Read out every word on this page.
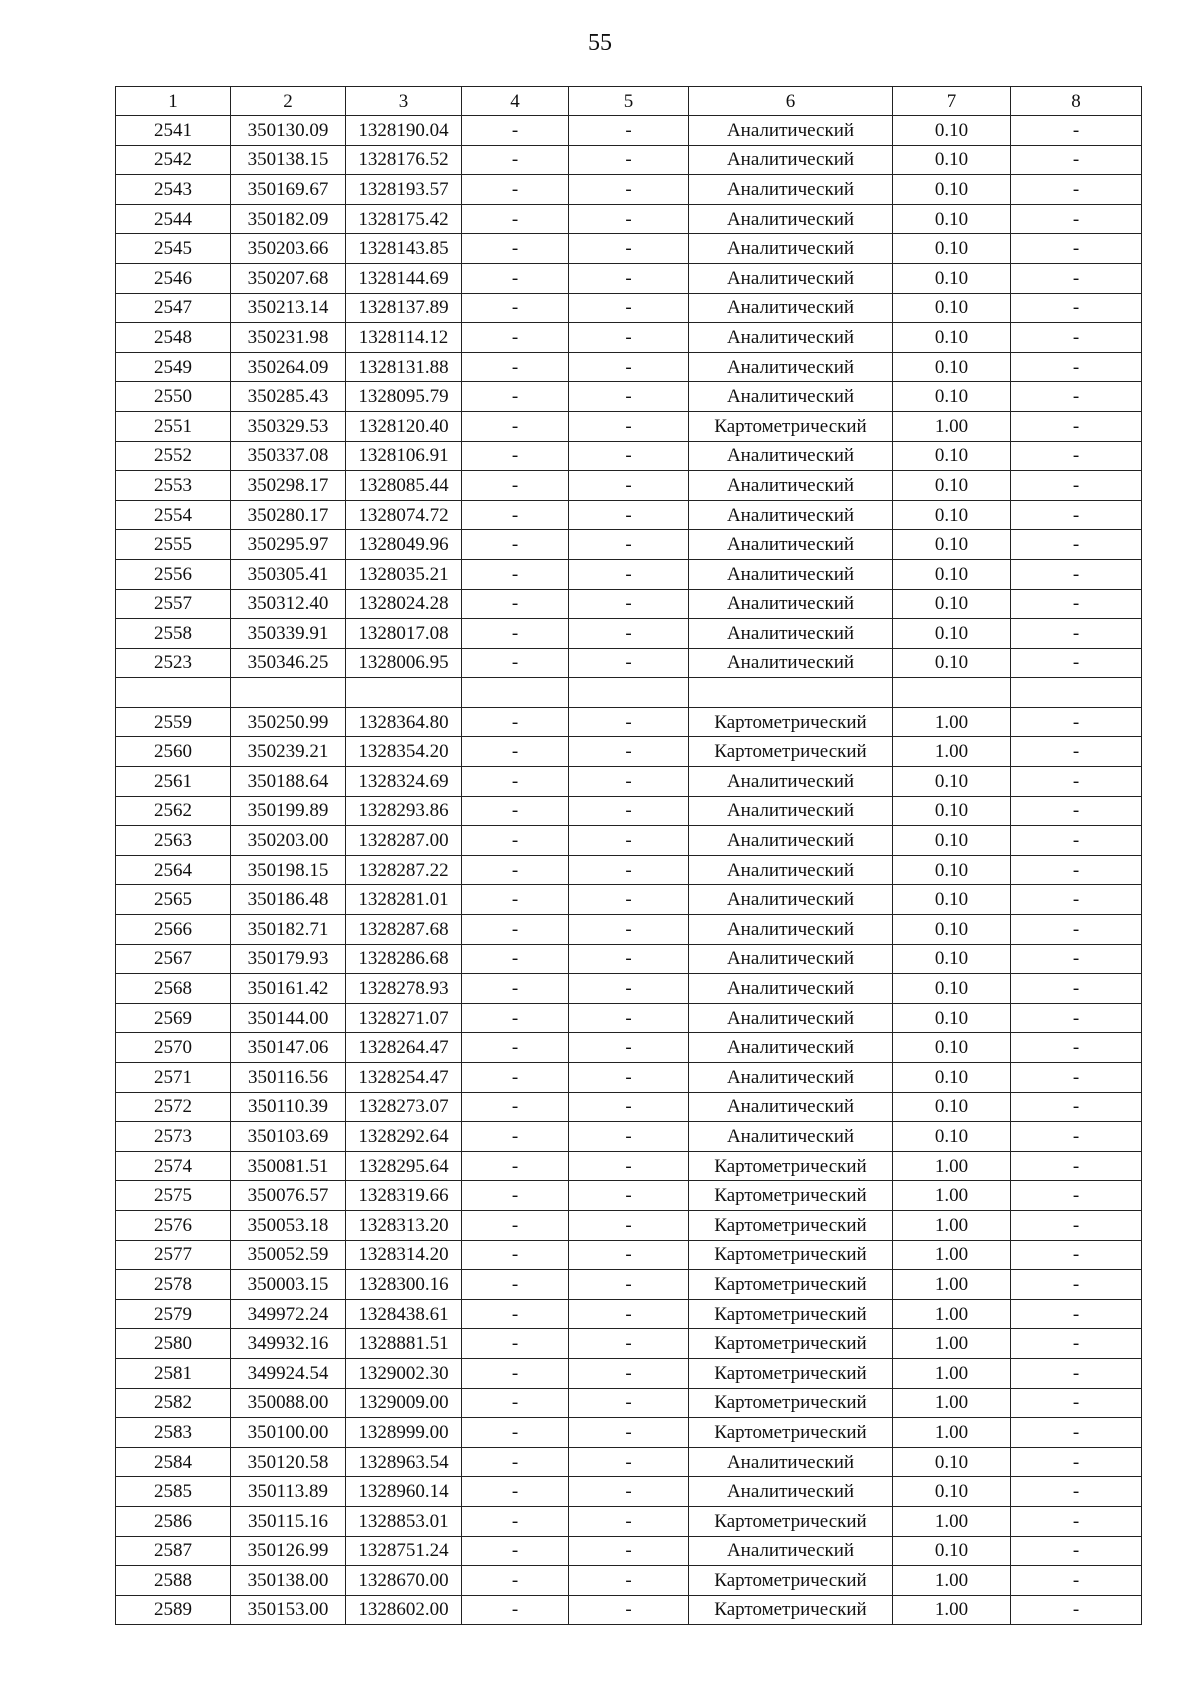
55
1	2	3	4	5	6	7	8
2541	350130.09	1328190.04	-	-	Аналитический	0.10	-
2542	350138.15	1328176.52	-	-	Аналитический	0.10	-
2543	350169.67	1328193.57	-	-	Аналитический	0.10	-
2544	350182.09	1328175.42	-	-	Аналитический	0.10	-
2545	350203.66	1328143.85	-	-	Аналитический	0.10	-
2546	350207.68	1328144.69	-	-	Аналитический	0.10	-
2547	350213.14	1328137.89	-	-	Аналитический	0.10	-
2548	350231.98	1328114.12	-	-	Аналитический	0.10	-
2549	350264.09	1328131.88	-	-	Аналитический	0.10	-
2550	350285.43	1328095.79	-	-	Аналитический	0.10	-
2551	350329.53	1328120.40	-	-	Картометрический	1.00	-
2552	350337.08	1328106.91	-	-	Аналитический	0.10	-
2553	350298.17	1328085.44	-	-	Аналитический	0.10	-
2554	350280.17	1328074.72	-	-	Аналитический	0.10	-
2555	350295.97	1328049.96	-	-	Аналитический	0.10	-
2556	350305.41	1328035.21	-	-	Аналитический	0.10	-
2557	350312.40	1328024.28	-	-	Аналитический	0.10	-
2558	350339.91	1328017.08	-	-	Аналитический	0.10	-
2523	350346.25	1328006.95	-	-	Аналитический	0.10	-

2559	350250.99	1328364.80	-	-	Картометрический	1.00	-
2560	350239.21	1328354.20	-	-	Картометрический	1.00	-
2561	350188.64	1328324.69	-	-	Аналитический	0.10	-
2562	350199.89	1328293.86	-	-	Аналитический	0.10	-
2563	350203.00	1328287.00	-	-	Аналитический	0.10	-
2564	350198.15	1328287.22	-	-	Аналитический	0.10	-
2565	350186.48	1328281.01	-	-	Аналитический	0.10	-
2566	350182.71	1328287.68	-	-	Аналитический	0.10	-
2567	350179.93	1328286.68	-	-	Аналитический	0.10	-
2568	350161.42	1328278.93	-	-	Аналитический	0.10	-
2569	350144.00	1328271.07	-	-	Аналитический	0.10	-
2570	350147.06	1328264.47	-	-	Аналитический	0.10	-
2571	350116.56	1328254.47	-	-	Аналитический	0.10	-
2572	350110.39	1328273.07	-	-	Аналитический	0.10	-
2573	350103.69	1328292.64	-	-	Аналитический	0.10	-
2574	350081.51	1328295.64	-	-	Картометрический	1.00	-
2575	350076.57	1328319.66	-	-	Картометрический	1.00	-
2576	350053.18	1328313.20	-	-	Картометрический	1.00	-
2577	350052.59	1328314.20	-	-	Картометрический	1.00	-
2578	350003.15	1328300.16	-	-	Картометрический	1.00	-
2579	349972.24	1328438.61	-	-	Картометрический	1.00	-
2580	349932.16	1328881.51	-	-	Картометрический	1.00	-
2581	349924.54	1329002.30	-	-	Картометрический	1.00	-
2582	350088.00	1329009.00	-	-	Картометрический	1.00	-
2583	350100.00	1328999.00	-	-	Картометрический	1.00	-
2584	350120.58	1328963.54	-	-	Аналитический	0.10	-
2585	350113.89	1328960.14	-	-	Аналитический	0.10	-
2586	350115.16	1328853.01	-	-	Картометрический	1.00	-
2587	350126.99	1328751.24	-	-	Аналитический	0.10	-
2588	350138.00	1328670.00	-	-	Картометрический	1.00	-
2589	350153.00	1328602.00	-	-	Картометрический	1.00	-
